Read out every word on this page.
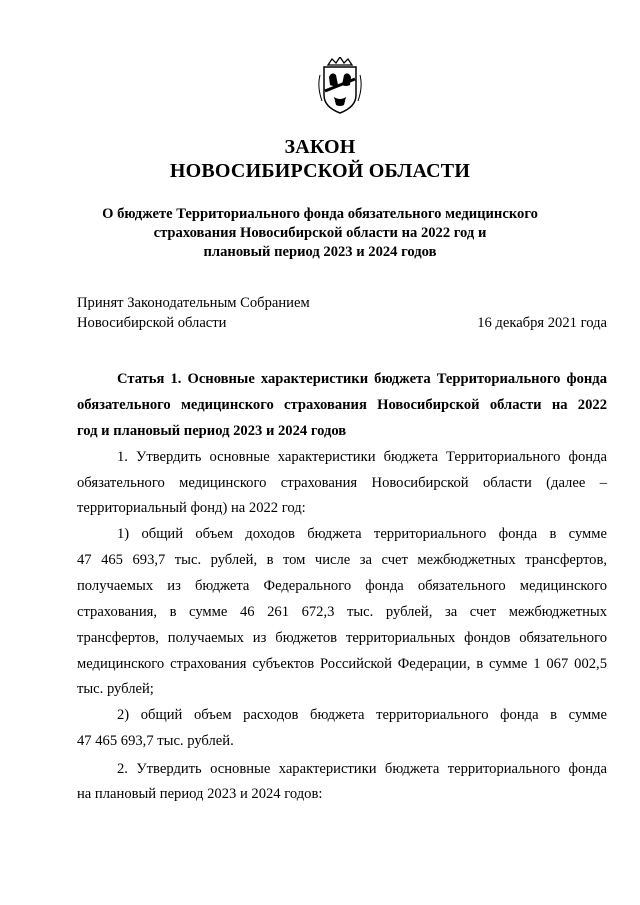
ЗАКОН
НОВОСИБИРСКОЙ ОБЛАСТИ
О бюджете Территориального фонда обязательного медицинского
страхования Новосибирской области на 2022 год и
плановый период 2023 и 2024 годов
Принят Законодательным Собранием
Новосибирской области	16 декабря 2021 года
Статья 1. Основные характеристики бюджета Территориального фонда
обязательного медицинского страхования Новосибирской области на 2022
год и плановый период 2023 и 2024 годов
1. Утвердить основные характеристики бюджета Территориального фонда
обязательного медицинского страхования Новосибирской области (далее –
территориальный фонд) на 2022 год:
1) общий объем доходов бюджета территориального фонда в сумме
47 465 693,7 тыс. рублей, в том числе за счет межбюджетных трансфертов,
получаемых из бюджета Федерального фонда обязательного медицинского
страхования, в сумме 46 261 672,3 тыс. рублей, за счет межбюджетных
трансфертов, получаемых из бюджетов территориальных фондов обязательного
медицинского страхования субъектов Российской Федерации, в сумме 1 067 002,5
тыс. рублей;
2) общий объем расходов бюджета территориального фонда в сумме
47 465 693,7 тыс. рублей.
2. Утвердить основные характеристики бюджета территориального фонда
на плановый период 2023 и 2024 годов:
